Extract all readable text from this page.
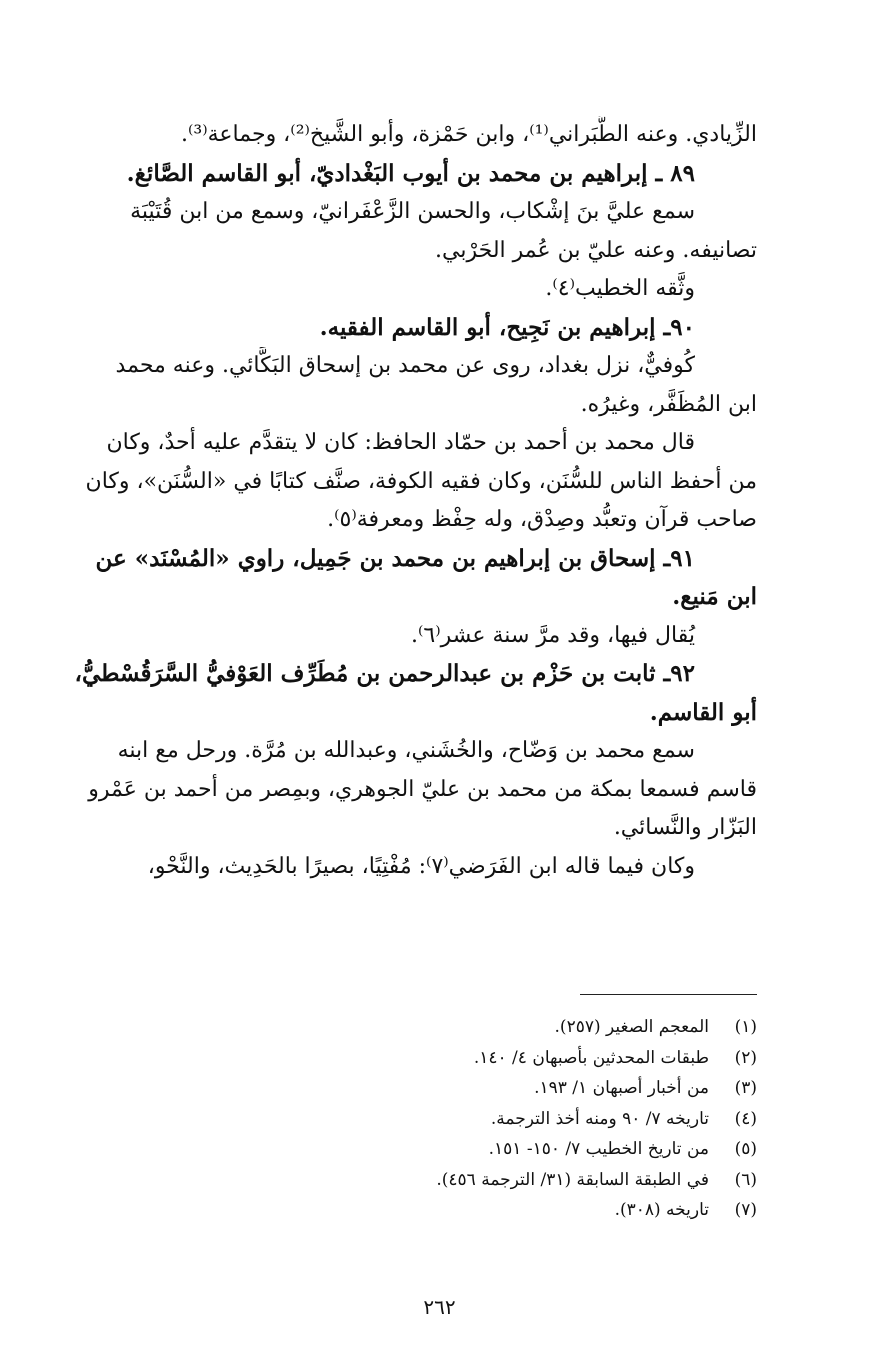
الزِّيادي. وعنه الطَّبَراني⁽¹⁾، وابن حَمْزة، وأبو الشَّيخ⁽²⁾، وجماعة⁽³⁾.
٨٩ ـ إبراهيم بن محمد بن أيوب البَغْداديّ، أبو القاسم الصَّائغ.
سمع عليَّ بنَ إشْكاب، والحسن الزَّعْفَرانيّ، وسمع من ابن قُتَيْبَة
تصانيفه. وعنه عليّ بن عُمر الحَرْبي.
وثَّقه الخطيب⁽٤⁾.
٩٠ـ إبراهيم بن نَجِيح، أبو القاسم الفقيه.
كُوفيٌّ، نزل بغداد، روى عن محمد بن إسحاق البَكَّائي. وعنه محمد
ابن المُظَفَّر، وغيرُه.
قال محمد بن أحمد بن حمّاد الحافظ: كان لا يتقدَّم عليه أحدٌ، وكان
من أحفظ الناس للسُّنَن، وكان فقيه الكوفة، صنَّف كتابًا في «السُّنَن»، وكان
صاحب قرآن وتعبُّد وصِدْق، وله حِفْظ ومعرفة⁽٥⁾.
٩١ـ إسحاق بن إبراهيم بن محمد بن جَمِيل، راوي «المُسْنَد» عن
ابن مَنيع.
يُقال فيها، وقد مرَّ سنة عشر⁽٦⁾.
٩٢ـ ثابت بن حَزْم بن عبدالرحمن بن مُطَرِّف العَوْفيُّ السَّرَقُسْطيُّ،
أبو القاسم.
سمع محمد بن وَضّاح، والخُشَني، وعبدالله بن مُرَّة. ورحل مع ابنه
قاسم فسمعا بمكة من محمد بن عليّ الجوهري، وبمِصر من أحمد بن عَمْرو
البَزّار والنَّسائي.
وكان فيما قاله ابن الفَرَضي⁽٧⁾: مُفْتِيًا، بصيرًا بالحَدِيث، والنَّحْو،
(١)المعجم الصغير (٢٥٧).
(٢)طبقات المحدثين بأصبهان ٤/ ١٤٠.
(٣)من أخبار أصبهان ١/ ١٩٣.
(٤)تاريخه ٧/ ٩٠ ومنه أخذ الترجمة.
(٥)من تاريخ الخطيب ٧/ ١٥٠- ١٥١.
(٦)في الطبقة السابقة (٣١/ الترجمة ٤٥٦).
(٧)تاريخه (٣٠٨).
٢٦٢
